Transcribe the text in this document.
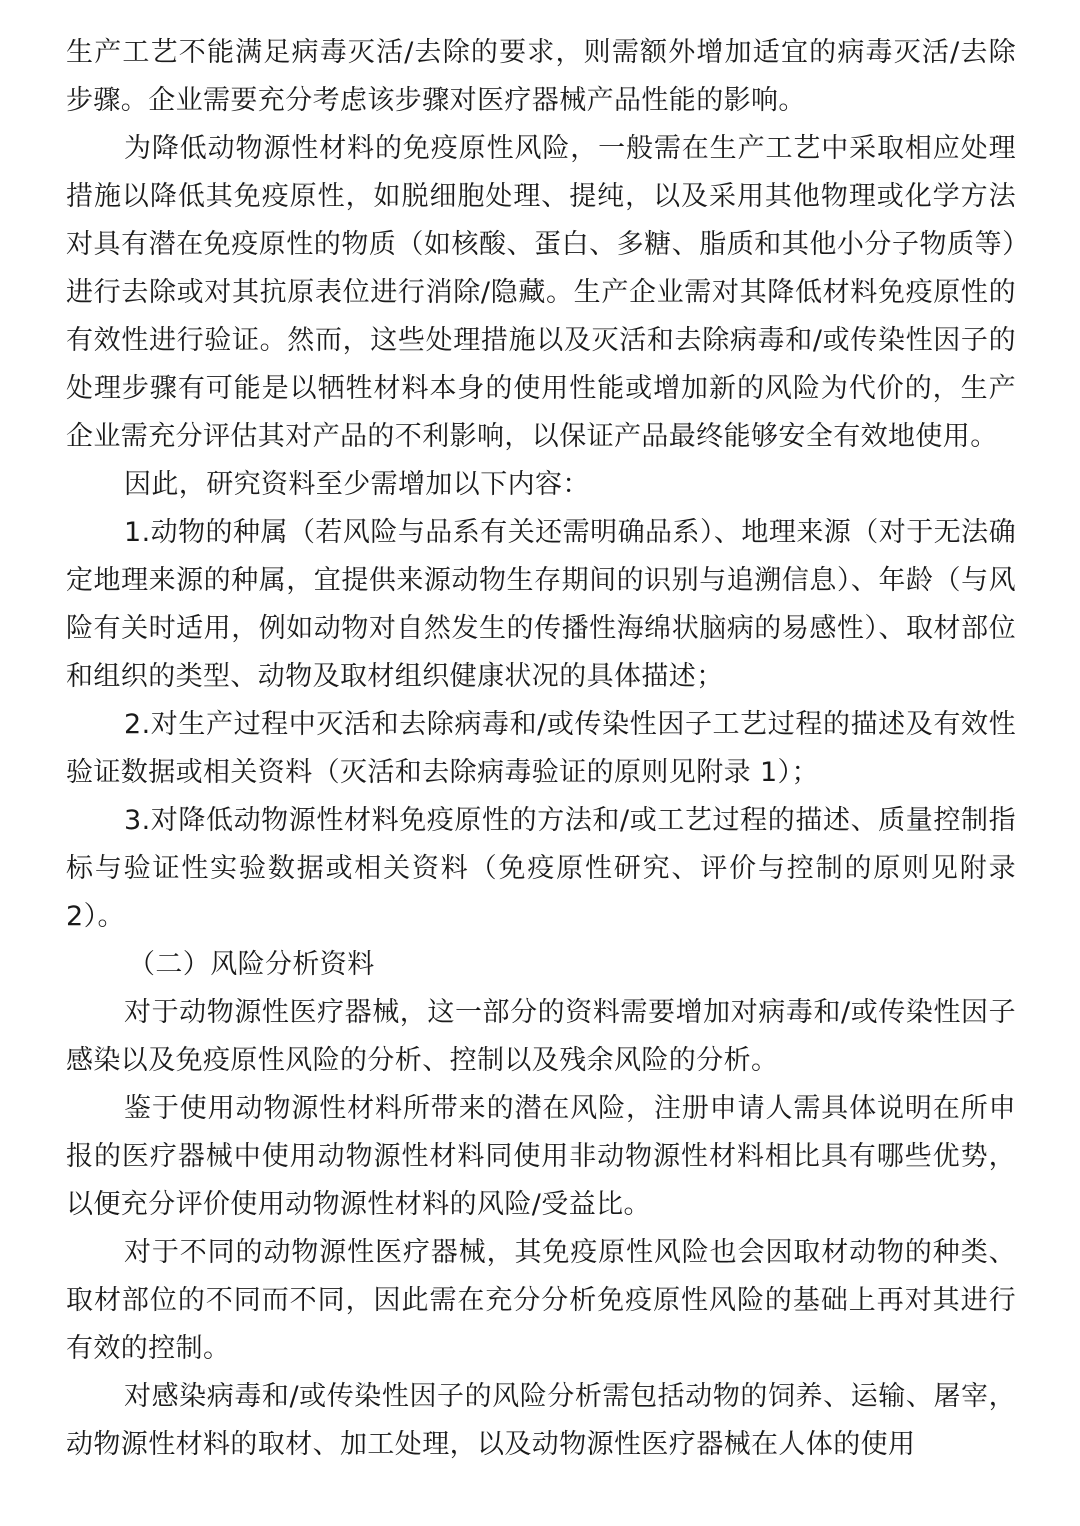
生产工艺不能满足病毒灭活/去除的要求，则需额外增加适宜的病毒灭活/去除步骤。企业需要充分考虑该步骤对医疗器械产品性能的影响。

为降低动物源性材料的免疫原性风险，一般需在生产工艺中采取相应处理措施以降低其免疫原性，如脱细胞处理、提纯，以及采用其他物理或化学方法对具有潜在免疫原性的物质（如核酸、蛋白、多糖、脂质和其他小分子物质等）进行去除或对其抗原表位进行消除/隐藏。生产企业需对其降低材料免疫原性的有效性进行验证。然而，这些处理措施以及灭活和去除病毒和/或传染性因子的处理步骤有可能是以牺牲材料本身的使用性能或增加新的风险为代价的，生产企业需充分评估其对产品的不利影响，以保证产品最终能够安全有效地使用。

因此，研究资料至少需增加以下内容：

1.动物的种属（若风险与品系有关还需明确品系）、地理来源（对于无法确定地理来源的种属，宜提供来源动物生存期间的识别与追溯信息）、年龄（与风险有关时适用，例如动物对自然发生的传播性海绵状脑病的易感性）、取材部位和组织的类型、动物及取材组织健康状况的具体描述；

2.对生产过程中灭活和去除病毒和/或传染性因子工艺过程的描述及有效性验证数据或相关资料（灭活和去除病毒验证的原则见附录 1）；

3.对降低动物源性材料免疫原性的方法和/或工艺过程的描述、质量控制指标与验证性实验数据或相关资料（免疫原性研究、评价与控制的原则见附录 2）。

（二）风险分析资料

对于动物源性医疗器械，这一部分的资料需要增加对病毒和/或传染性因子感染以及免疫原性风险的分析、控制以及残余风险的分析。

鉴于使用动物源性材料所带来的潜在风险，注册申请人需具体说明在所申报的医疗器械中使用动物源性材料同使用非动物源性材料相比具有哪些优势，以便充分评价使用动物源性材料的风险/受益比。

对于不同的动物源性医疗器械，其免疫原性风险也会因取材动物的种类、取材部位的不同而不同，因此需在充分分析免疫原性风险的基础上再对其进行有效的控制。

对感染病毒和/或传染性因子的风险分析需包括动物的饲养、运输、屠宰，动物源性材料的取材、加工处理，以及动物源性医疗器械在人体的使用
